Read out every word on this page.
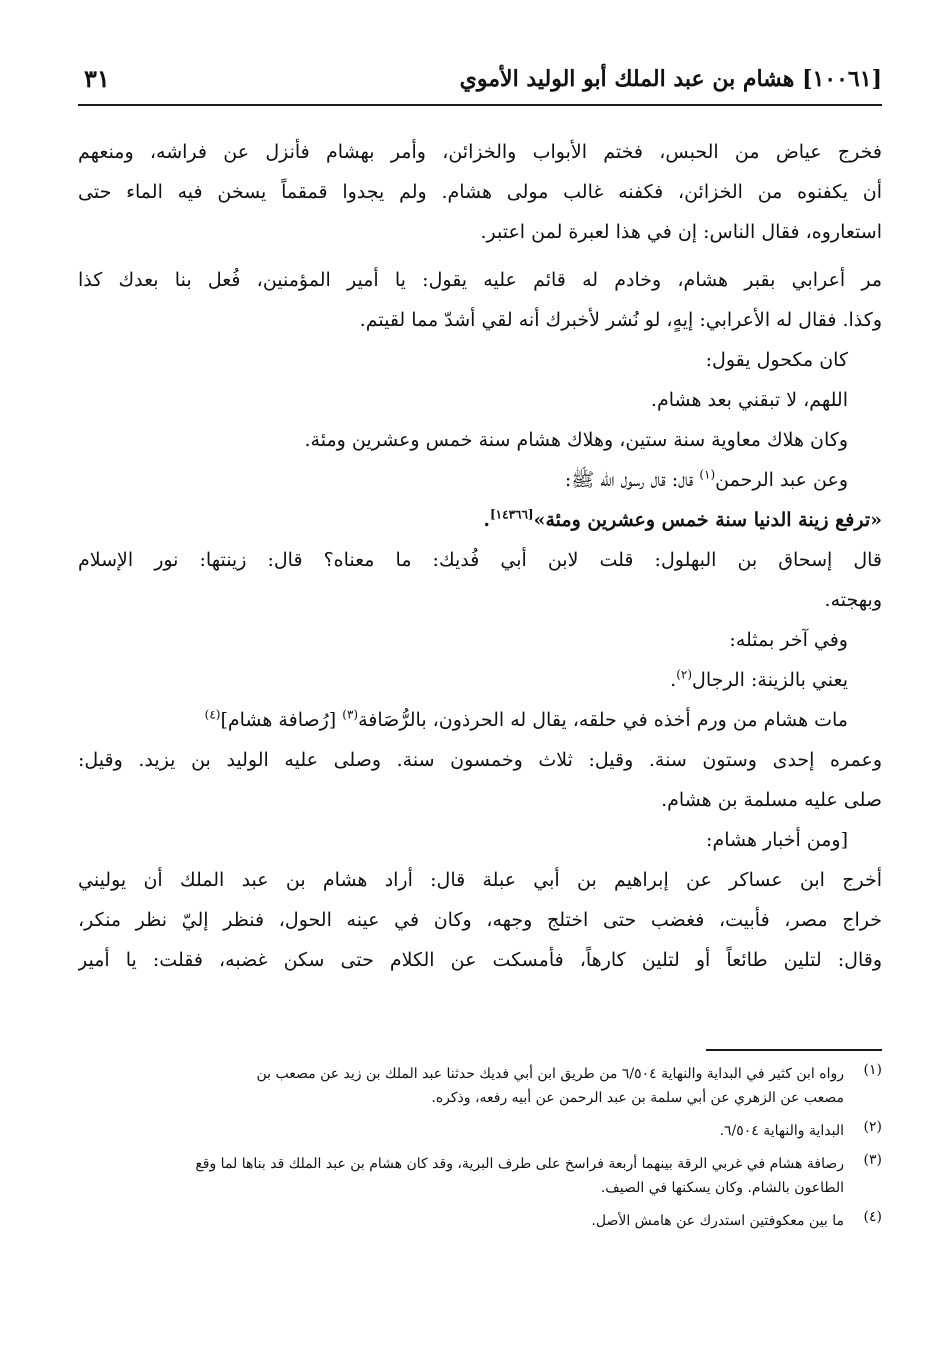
[١٠٠٦١] هشام بن عبد الملك أبو الوليد الأموي
٣١
فخرج عياض من الحبس، فختم الأبواب والخزائن، وأمر بهشام فأنزل عن فراشه، ومنعهم
أن يكفنوه من الخزائن، فكفنه غالب مولى هشام. ولم يجدوا قمقماً يسخن فيه الماء حتى
استعاروه، فقال الناس: إن في هذا لعبرة لمن اعتبر.
مر أعرابي بقبر هشام، وخادم له قائم عليه يقول: يا أمير المؤمنين، فُعل بنا بعدك كذا
وكذا. فقال له الأعرابي: إيهٍ، لو نُشر لأخبرك أنه لقي أشدّ مما لقيتم.
كان مكحول يقول:
اللهم، لا تبقني بعد هشام.
وكان هلاك معاوية سنة ستين، وهلاك هشام سنة خمس وعشرين ومئة.
وعن عبد الرحمن$^{(١)}$ قال: قال رسول الله ﷺ:
«ترفع زينة الدنيا سنة خمس وعشرين ومئة»[١٤٣٦٦].
قال إسحاق بن البهلول: قلت لابن أبي فُديك: ما معناه؟ قال: زينتها: نور الإسلام
وبهجته.
وفي آخر بمثله:
يعني بالزينة: الرجال$^{(٢)}$.
مات هشام من ورم أخذه في حلقه، يقال له الحرذون، بالرُّصَافة$^{(٣)}$ [رُصافة هشام]$^{(٤)}$
وعمره إحدى وستون سنة. وقيل: ثلاث وخمسون سنة. وصلى عليه الوليد بن يزيد. وقيل:
صلى عليه مسلمة بن هشام.
[ومن أخبار هشام:
أخرج ابن عساكر عن إبراهيم بن أبي عبلة قال: أراد هشام بن عبد الملك أن يوليني
خراج مصر، فأبيت، فغضب حتى اختلج وجهه، وكان في عينه الحول، فنظر إليّ نظر منكر،
وقال: لتلين طائعاً أو لتلين كارهاً، فأمسكت عن الكلام حتى سكن غضبه، فقلت: يا أمير
(١)
رواه ابن كثير في البداية والنهاية ٦/٥٠٤ من طريق ابن أبي فديك حدثنا عبد الملك بن زيد عن مصعب بن
مصعب عن الزهري عن أبي سلمة بن عبد الرحمن عن أبيه رفعه، وذكره.
(٢)
البداية والنهاية ٦/٥٠٤.
(٣)
رصافة هشام في غربي الرقة بينهما أربعة فراسخ على طرف البرية، وقد كان هشام بن عبد الملك قد بناها لما وقع
الطاعون بالشام. وكان يسكنها في الصيف.
(٤)
ما بين معكوفتين استدرك عن هامش الأصل.
